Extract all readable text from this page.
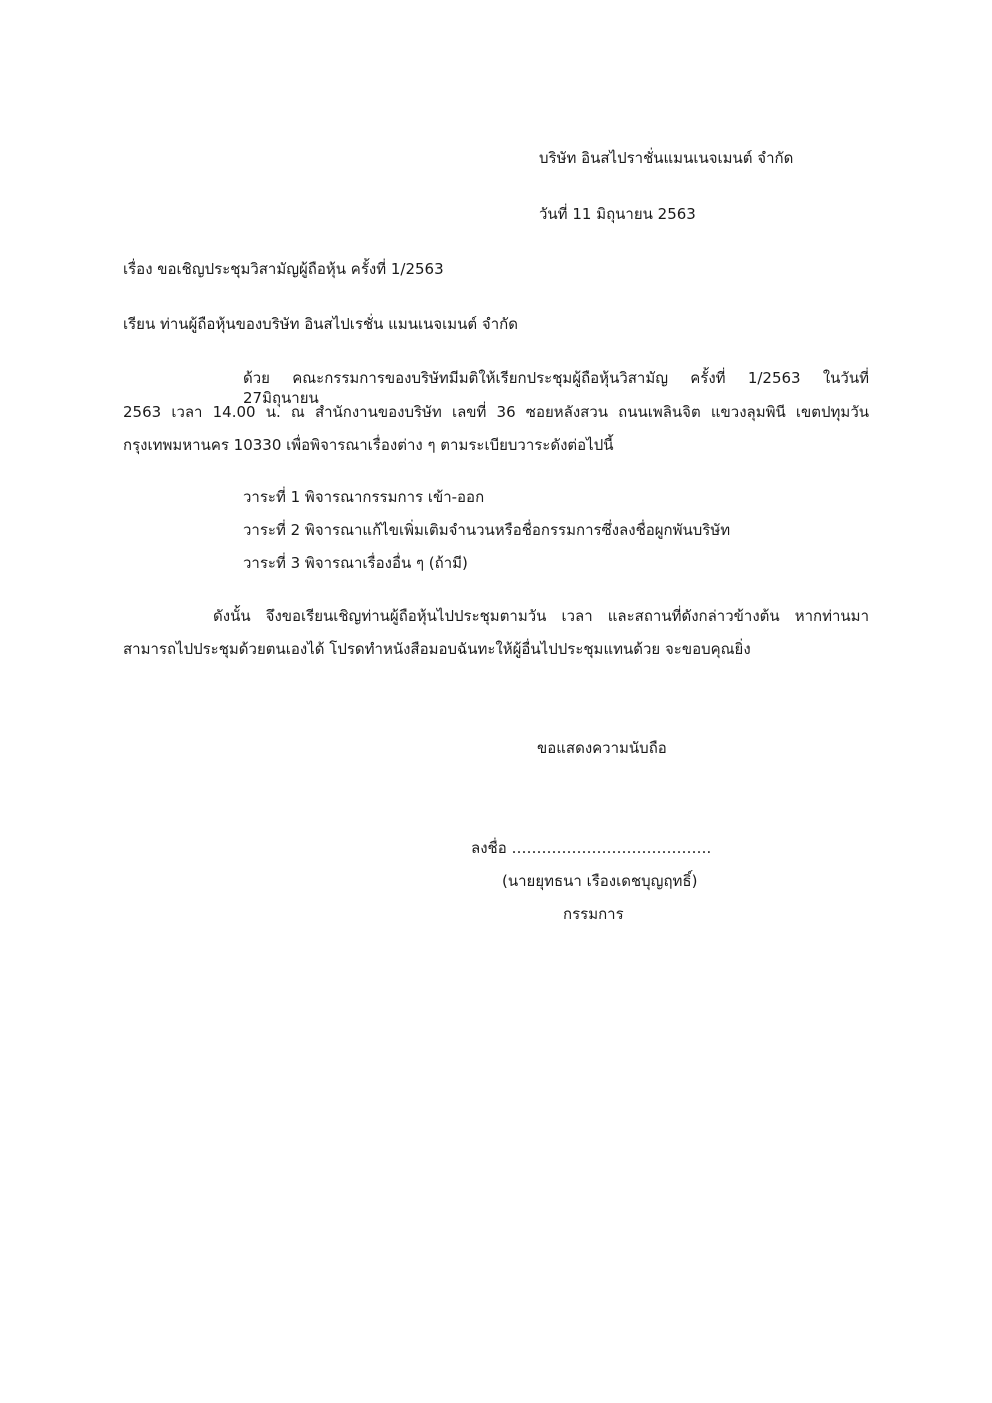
บริษัท อินสไปราชั่นแมนเนจเมนต์ จำกัด
วันที่ 11 มิถุนายน 2563
เรื่อง ขอเชิญประชุมวิสามัญผู้ถือหุ้น ครั้งที่ 1/2563
เรียน ท่านผู้ถือหุ้นของบริษัท อินสไปเรชั่น แมนเนจเมนต์ จำกัด
ด้วย คณะกรรมการของบริษัทมีมติให้เรียกประชุมผู้ถือหุ้นวิสามัญ ครั้งที่ 1/2563 ในวันที่ 27มิถุนายน
2563 เวลา 14.00 น. ณ สำนักงานของบริษัท เลขที่ 36 ซอยหลังสวน ถนนเพลินจิต แขวงลุมพินี เขตปทุมวัน
กรุงเทพมหานคร 10330 เพื่อพิจารณาเรื่องต่าง ๆ ตามระเบียบวาระดังต่อไปนี้
วาระที่ 1 พิจารณากรรมการ เข้า-ออก
วาระที่ 2 พิจารณาแก้ไขเพิ่มเติมจำนวนหรือชื่อกรรมการซึ่งลงชื่อผูกพันบริษัท
วาระที่ 3 พิจารณาเรื่องอื่น ๆ (ถ้ามี)
ดังนั้น จึงขอเรียนเชิญท่านผู้ถือหุ้นไปประชุมตามวัน เวลา และสถานที่ดังกล่าวข้างต้น หากท่านมา
สามารถไปประชุมด้วยตนเองได้ โปรดทำหนังสือมอบฉันทะให้ผู้อื่นไปประชุมแทนด้วย จะขอบคุณยิ่ง
ขอแสดงความนับถือ
ลงชื่อ ………………………………….
(นายยุทธนา เรืองเดชบุญฤทธิ์)
กรรมการ
